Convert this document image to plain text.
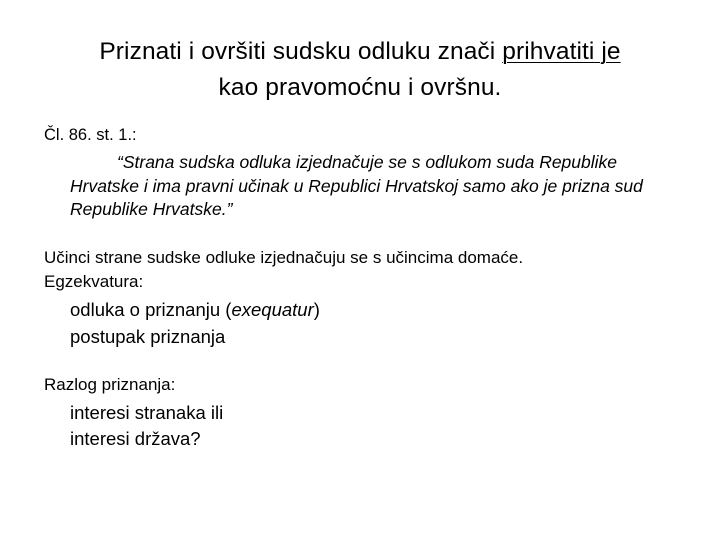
Priznati i ovršiti sudsku odluku znači prihvatiti je
kao pravomoćnu i ovršnu.
Čl. 86. st. 1.:
“Strana sudska odluka izjednačuje se s odlukom suda Republike Hrvatske i ima pravni učinak u Republici Hrvatskoj samo ako je prizna sud Republike Hrvatske.”
Učinci strane sudske odluke izjednačuju se s učincima domaće.
Egzekvatura:
odluka o priznanju (exequatur)
postupak priznanja
Razlog priznanja:
interesi stranaka ili
interesi država?
